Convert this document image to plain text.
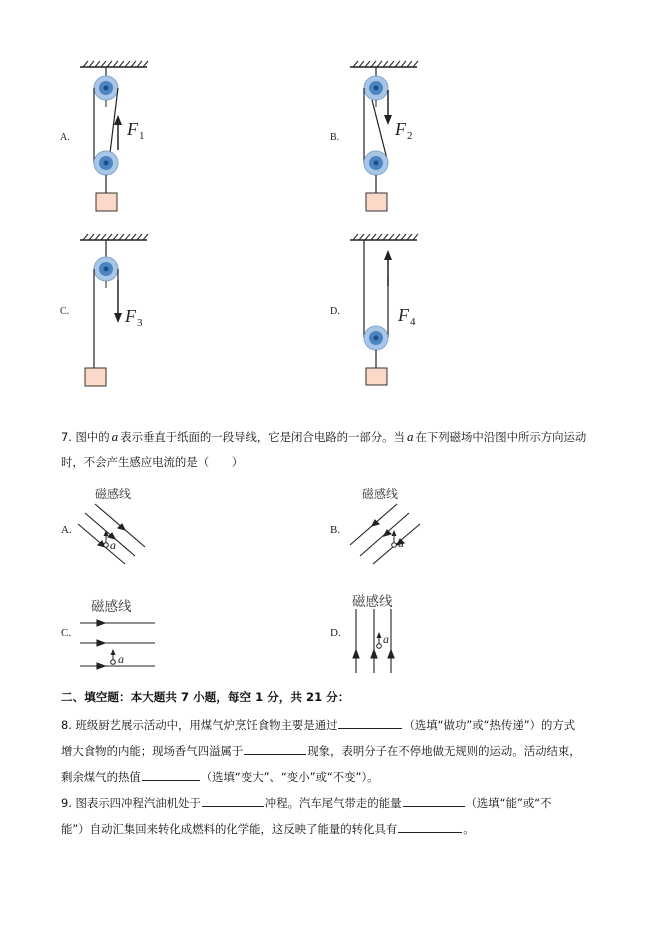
A.	$F_1$	B.	$F_2$
C.	$F_3$
D.	$F_4$
7. 图中的 a 表示垂直于纸面的一段导线，它是闭合电路的一部分。当 a 在下列磁场中沿图中所示方向运动
时，不会产生感应电流的是（　　）
A.
磁感线
a
B.
磁感线
a
C.
磁感线
a
D.
磁感线
a
二、填空题：本大题共 7 小题，每空 1 分，共 21 分：
8. 班级厨艺展示活动中，用煤气炉烹饪食物主要是通过	（选填“做功”或“热传递”）的方式
增大食物的内能；现场香气四溢属于	现象，表明分子在不停地做无规则的运动。活动结束，
剩余煤气的热值	（选填“变大”、“变小”或“不变”）。
9. 图表示四冲程汽油机处于	冲程。汽车尾气带走的能量	（选填“能”或“不
能”）自动汇集回来转化成燃料的化学能，这反映了能量的转化具有	。
